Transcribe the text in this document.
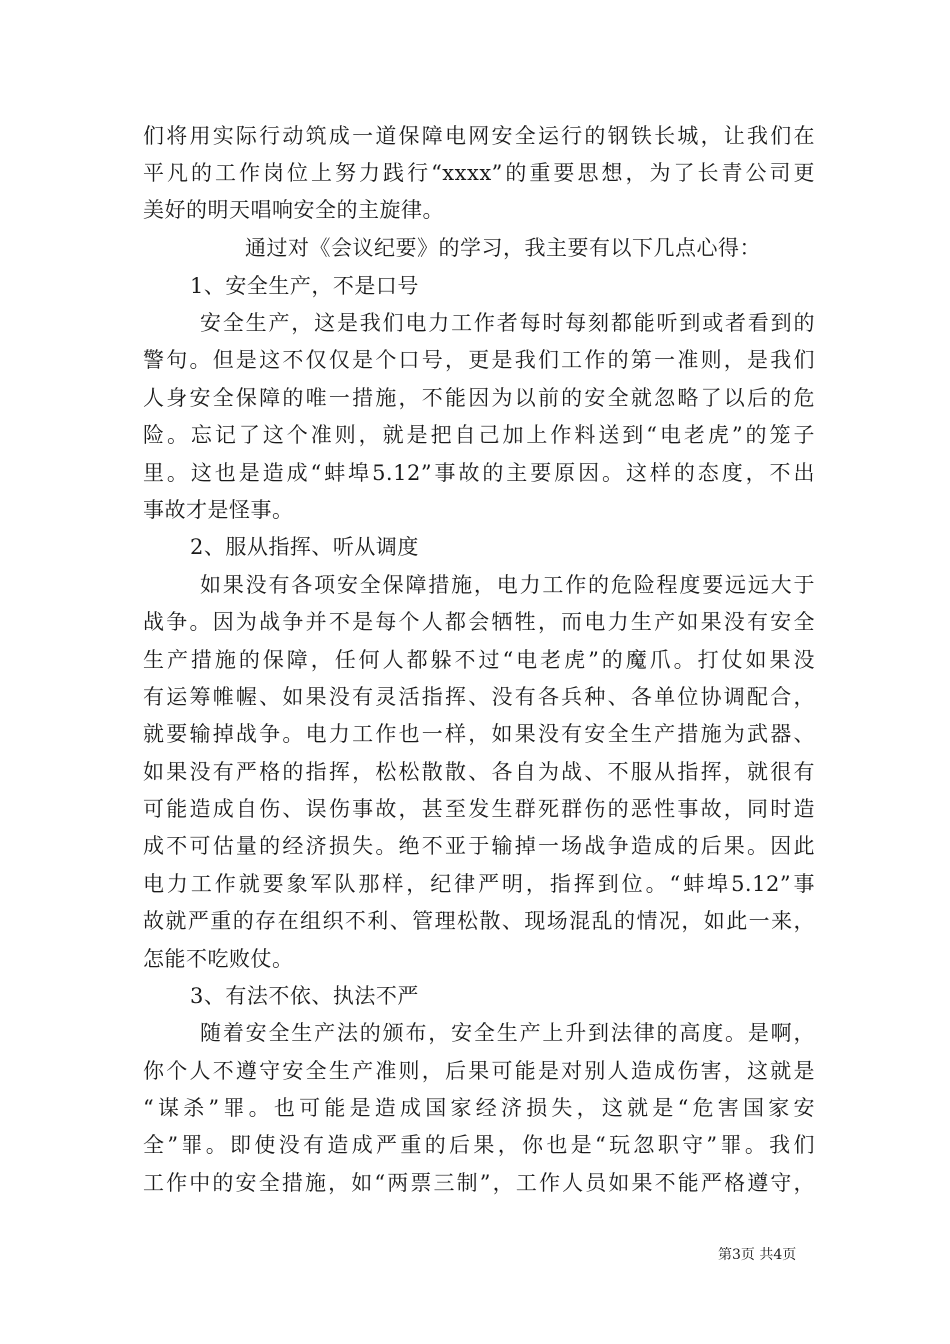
们将用实际行动筑成一道保障电网安全运行的钢铁长城，让我们在
平凡的工作岗位上努力践行“xxxx”的重要思想，为了长青公司更
美好的明天唱响安全的主旋律。
通过对《会议纪要》的学习，我主要有以下几点心得：
1、安全生产，不是口号
安全生产，这是我们电力工作者每时每刻都能听到或者看到的
警句。但是这不仅仅是个口号，更是我们工作的第一准则，是我们
人身安全保障的唯一措施，不能因为以前的安全就忽略了以后的危
险。忘记了这个准则，就是把自己加上作料送到“电老虎”的笼子
里。这也是造成“蚌埠5.12”事故的主要原因。这样的态度，不出
事故才是怪事。
2、服从指挥、听从调度
如果没有各项安全保障措施，电力工作的危险程度要远远大于
战争。因为战争并不是每个人都会牺牲，而电力生产如果没有安全
生产措施的保障，任何人都躲不过“电老虎”的魔爪。打仗如果没
有运筹帷幄、如果没有灵活指挥、没有各兵种、各单位协调配合，
就要输掉战争。电力工作也一样，如果没有安全生产措施为武器、
如果没有严格的指挥，松松散散、各自为战、不服从指挥，就很有
可能造成自伤、误伤事故，甚至发生群死群伤的恶性事故，同时造
成不可估量的经济损失。绝不亚于输掉一场战争造成的后果。因此
电力工作就要象军队那样，纪律严明，指挥到位。“蚌埠5.12”事
故就严重的存在组织不利、管理松散、现场混乱的情况，如此一来，
怎能不吃败仗。
3、有法不依、执法不严
随着安全生产法的颁布，安全生产上升到法律的高度。是啊，
你个人不遵守安全生产准则，后果可能是对别人造成伤害，这就是
“谋杀”罪。也可能是造成国家经济损失，这就是“危害国家安
全”罪。即使没有造成严重的后果，你也是“玩忽职守”罪。我们
工作中的安全措施，如“两票三制”，工作人员如果不能严格遵守，
第3页 共4页
